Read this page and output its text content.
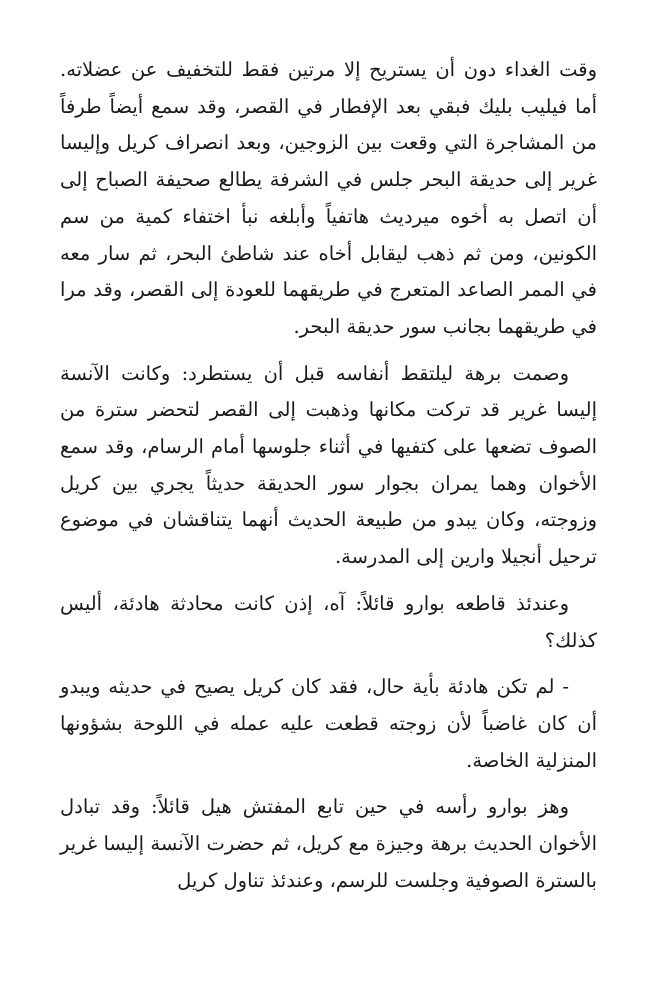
وقت الغداء دون أن يستريح إلا مرتين فقط للتخفيف عن عضلاته. أما فيليب بليك فبقي بعد الإفطار في القصر، وقد سمع أيضاً طرفاً من المشاجرة التي وقعت بين الزوجين، وبعد انصراف كريل وإليسا غرير إلى حديقة البحر جلس في الشرفة يطالع صحيفة الصباح إلى أن اتصل به أخوه ميرديث هاتفياً وأبلغه نبأ اختفاء كمية من سم الكونين، ومن ثم ذهب ليقابل أخاه عند شاطئ البحر، ثم سار معه في الممر الصاعد المتعرج في طريقهما للعودة إلى القصر، وقد مرا في طريقهما بجانب سور حديقة البحر.

وصمت برهة ليلتقط أنفاسه قبل أن يستطرد: وكانت الآنسة إليسا غرير قد تركت مكانها وذهبت إلى القصر لتحضر سترة من الصوف تضعها على كتفيها في أثناء جلوسها أمام الرسام، وقد سمع الأخوان وهما يمران بجوار سور الحديقة حديثاً يجري بين كريل وزوجته، وكان يبدو من طبيعة الحديث أنهما يتناقشان في موضوع ترحيل أنجيلا وارين إلى المدرسة.

وعندئذ قاطعه بوارو قائلاً: آه، إذن كانت محادثة هادئة، أليس كذلك؟

- لم تكن هادئة بأية حال، فقد كان كريل يصيح في حديثه ويبدو أن كان غاضباً لأن زوجته قطعت عليه عمله في اللوحة بشؤونها المنزلية الخاصة.

وهز بوارو رأسه في حين تابع المفتش هيل قائلاً: وقد تبادل الأخوان الحديث برهة وجيزة مع كريل، ثم حضرت الآنسة إليسا غرير بالسترة الصوفية وجلست للرسم، وعندئذ تناول كريل
